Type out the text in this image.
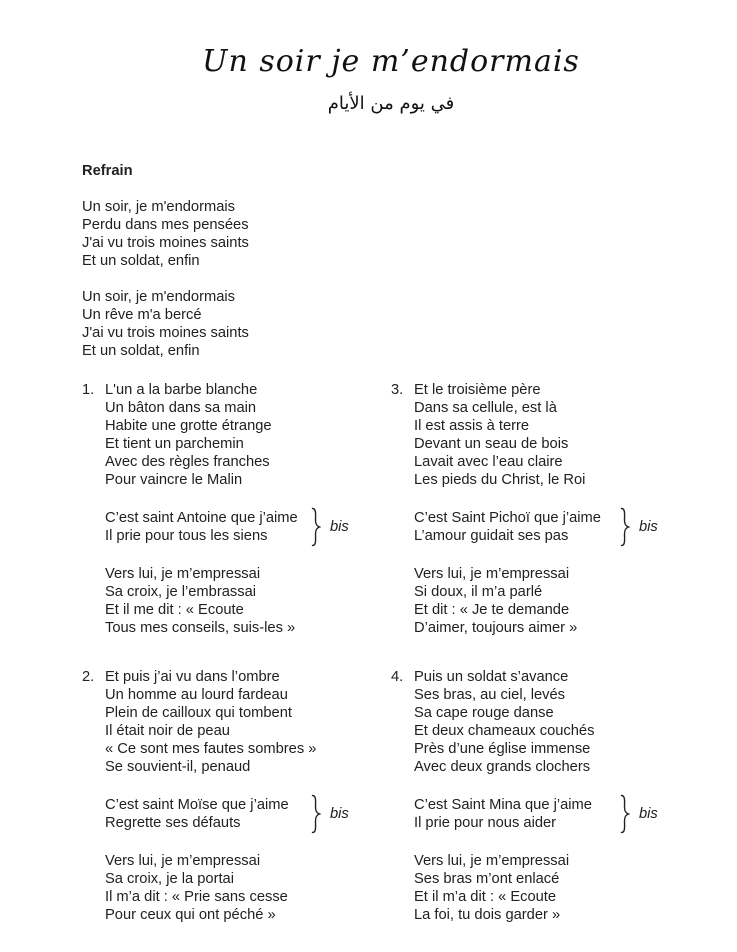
Un soir je m’endormais
في يوم من الأيام
Refrain
Un soir, je m'endormais
Perdu dans mes pensées
J'ai vu trois moines saints
Et un soldat, enfin
Un soir, je m'endormais
Un rêve m'a bercé
J'ai vu trois moines saints
Et un soldat, enfin
1. L'un a la barbe blanche
Un bâton dans sa main
Habite une grotte étrange
Et tient un parchemin
Avec des règles franches
Pour vaincre le Malin
C’est saint Antoine que j’aime
Il prie pour tous les siens
bis
Vers lui, je m’empressai
Sa croix, je l’embrassai
Et il me dit : « Ecoute
Tous mes conseils, suis-les »
2. Et puis j’ai vu dans l’ombre
Un homme au lourd fardeau
Plein de cailloux qui tombent
Il était noir de peau
« Ce sont mes fautes sombres »
Se souvient-il, penaud
C’est saint Moïse que j’aime
Regrette ses défauts
bis
Vers lui, je m’empressai
Sa croix, je la portai
Il m’a dit : « Prie sans cesse
Pour ceux qui ont péché »
3. Et le troisième père
Dans sa cellule, est là
Il est assis à terre
Devant un seau de bois
Lavait avec l’eau claire
Les pieds du Christ, le Roi
C’est Saint Pichoï que j’aime
L’amour guidait ses pas
bis
Vers lui, je m’empressai
Si doux, il m’a parlé
Et dit : « Je te demande
D’aimer, toujours aimer »
4. Puis un soldat s’avance
Ses bras, au ciel, levés
Sa cape rouge danse
Et deux chameaux couchés
Près d’une église immense
Avec deux grands clochers
C’est Saint Mina que j’aime
Il prie pour nous aider
bis
Vers lui, je m’empressai
Ses bras m’ont enlacé
Et il m’a dit : « Ecoute
La foi, tu dois garder »
